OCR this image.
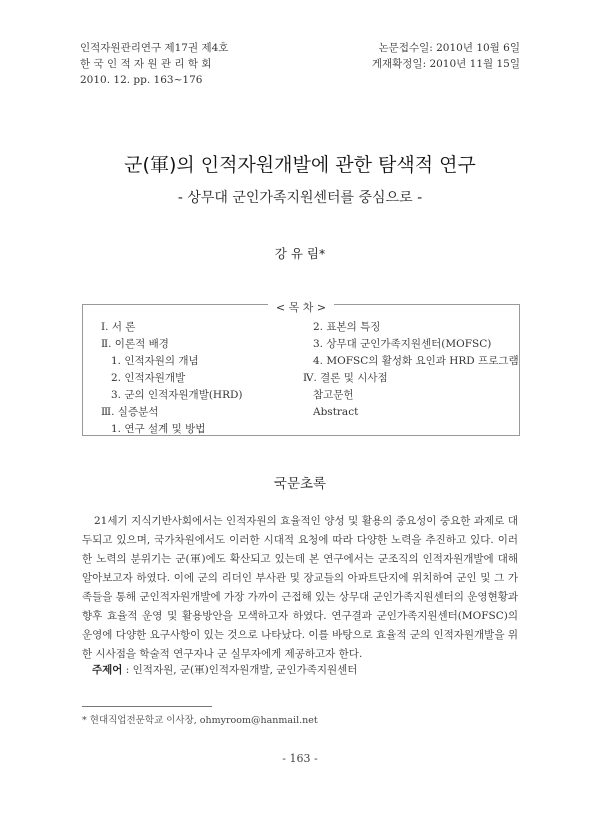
인적자원관리연구 제17권 제4호
한 국 인 적 자 원 관 리 학 회
2010. 12. pp. 163~176
논문접수일: 2010년 10월 6일
게재확정일: 2010년 11월 15일
군(軍)의 인적자원개발에 관한 탐색적 연구
- 상무대 군인가족지원센터를 중심으로 -
강 유 림*
< 목 차 >
Ⅰ. 서 론
Ⅱ. 이론적 배경
1. 인적자원의 개념
2. 인적자원개발
3. 군의 인적자원개발(HRD)
Ⅲ. 실증분석
1. 연구 설계 및 방법
2. 표본의 특징
3. 상무대 군인가족지원센터(MOFSC)
4. MOFSC의 활성화 요인과 HRD 프로그램
Ⅳ. 결론 및 시사점
참고문헌
Abstract
국문초록

21세기 지식기반사회에서는 인적자원의 효율적인 양성 및 활용의 중요성이 중요한 과제로 대두되고 있으며, 국가차원에서도 이러한 시대적 요청에 따라 다양한 노력을 추진하고 있다. 이러한 노력의 분위기는 군(軍)에도 확산되고 있는데 본 연구에서는 군조직의 인적자원개발에 대해 알아보고자 하였다. 이에 군의 리더인 부사관 및 장교들의 아파트단지에 위치하여 군인 및 그 가족들을 통해 군인적자원개발에 가장 가까이 근접해 있는 상무대 군인가족지원센터의 운영현황과 향후 효율적 운영 및 활용방안을 모색하고자 하였다. 연구결과 군인가족지원센터(MOFSC)의 운영에 다양한 요구사항이 있는 것으로 나타났다. 이를 바탕으로 효율적 군의 인적자원개발을 위한 시사점을 학술적 연구자나 군 실무자에게 제공하고자 한다.

주제어 : 인적자원, 군(軍)인적자원개발, 군인가족지원센터
* 현대직업전문학교 이사장, ohmyroom@hanmail.net
- 163 -
